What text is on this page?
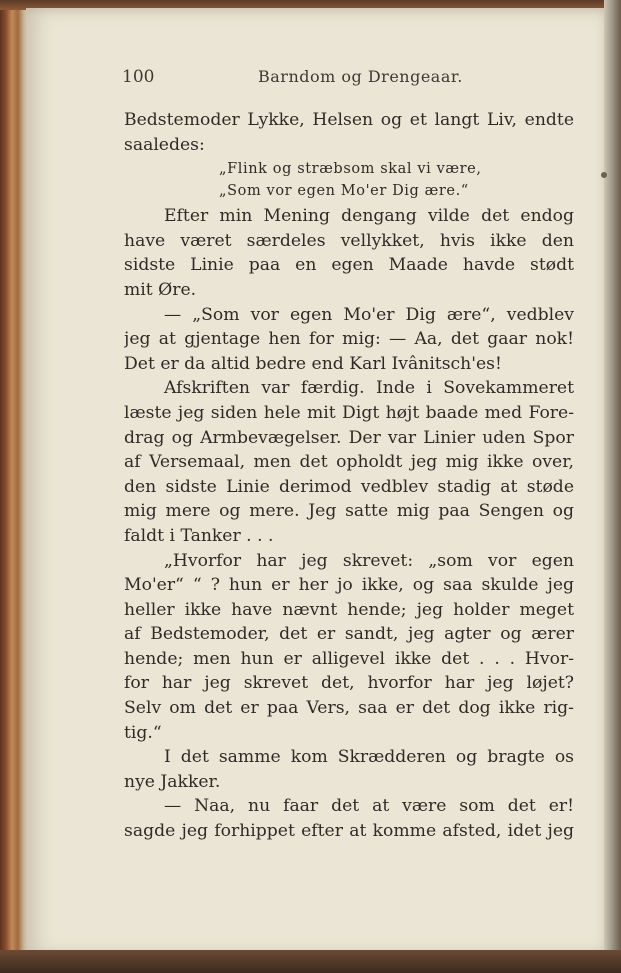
100	Barndom og Drengeaar.
Bedstemoder Lykke, Helsen og et langt Liv, endte
saaledes:
„Flink og stræbsom skal vi være,
„Som vor egen Mo'er Dig ære.“
Efter min Mening dengang vilde det endog
have været særdeles vellykket, hvis ikke den
sidste Linie paa en egen Maade havde stødt
mit Øre.
— „Som vor egen Mo'er Dig ære“, vedblev
jeg at gjentage hen for mig: — Aa, det gaar nok!
Det er da altid bedre end Karl Ivânitsch'es!
Afskriften var færdig. Inde i Sovekammeret
læste jeg siden hele mit Digt højt baade med Fore-
drag og Armbevægelser. Der var Linier uden Spor
af Versemaal, men det opholdt jeg mig ikke over,
den sidste Linie derimod vedblev stadig at støde
mig mere og mere. Jeg satte mig paa Sengen og
faldt i Tanker . . .
„Hvorfor har jeg skrevet: „som vor egen
Mo'er“ “ ? hun er her jo ikke, og saa skulde jeg
heller ikke have nævnt hende; jeg holder meget
af Bedstemoder, det er sandt, jeg agter og ærer
hende; men hun er alligevel ikke det . . . Hvor-
for har jeg skrevet det, hvorfor har jeg løjet?
Selv om det er paa Vers, saa er det dog ikke rig-
tig.“
I det samme kom Skrædderen og bragte os
nye Jakker.
— Naa, nu faar det at være som det er!
sagde jeg forhippet efter at komme afsted, idet jeg
